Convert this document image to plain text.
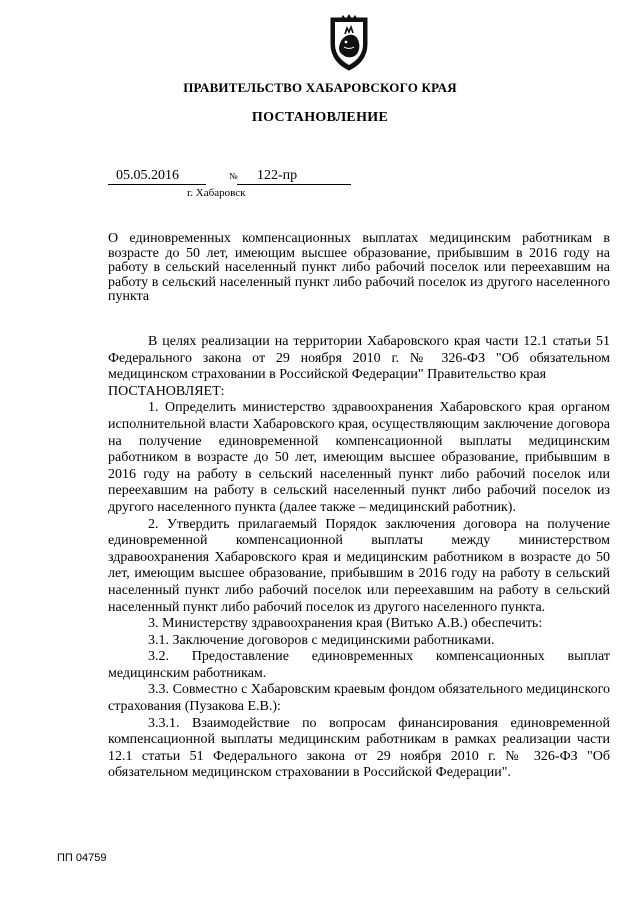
ПРАВИТЕЛЬСТВО ХАБАРОВСКОГО КРАЯ
ПОСТАНОВЛЕНИЕ
05.05.2016	№	122-пр
г. Хабаровск
О единовременных компенсационных выплатах медицинским работникам в возрасте до 50 лет, имеющим высшее образование, прибывшим в 2016 году на работу в сельский населенный пункт либо рабочий поселок или переехавшим на работу в сельский населенный пункт либо рабочий поселок из другого населенного пункта

В целях реализации на территории Хабаровского края части 12.1 статьи 51 Федерального закона от 29 ноября 2010 г. № 326-ФЗ "Об обязательном медицинском страховании в Российской Федерации" Правительство края

ПОСТАНОВЛЯЕТ:

1. Определить министерство здравоохранения Хабаровского края органом исполнительной власти Хабаровского края, осуществляющим заключение договора на получение единовременной компенсационной выплаты медицинским работником в возрасте до 50 лет, имеющим высшее образование, прибывшим в 2016 году на работу в сельский населенный пункт либо рабочий поселок или переехавшим на работу в сельский населенный пункт либо рабочий поселок из другого населенного пункта (далее также – медицинский работник).

2. Утвердить прилагаемый Порядок заключения договора на получение единовременной компенсационной выплаты между министерством здравоохранения Хабаровского края и медицинским работником в возрасте до 50 лет, имеющим высшее образование, прибывшим в 2016 году на работу в сельский населенный пункт либо рабочий поселок или переехавшим на работу в сельский населенный пункт либо рабочий поселок из другого населенного пункта.

3. Министерству здравоохранения края (Витько А.В.) обеспечить:

3.1. Заключение договоров с медицинскими работниками.

3.2. Предоставление единовременных компенсационных выплат медицинским работникам.

3.3. Совместно с Хабаровским краевым фондом обязательного медицинского страхования (Пузакова Е.В.):

3.3.1. Взаимодействие по вопросам финансирования единовременной компенсационной выплаты медицинским работникам в рамках реализации части 12.1 статьи 51 Федерального закона от 29 ноября 2010 г. № 326-ФЗ "Об обязательном медицинском страховании в Российской Федерации".

ПП 04759
